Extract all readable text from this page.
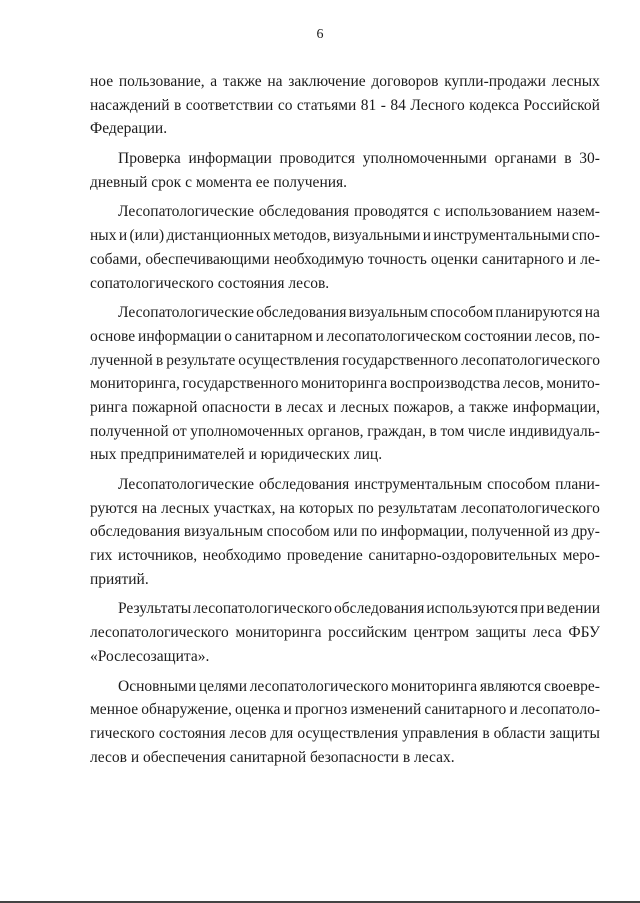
6
ное пользование, а также на заключение договоров купли-продажи лесных
насаждений в соответствии со статьями 81 - 84 Лесного кодекса Российской
Федерации.

Проверка информации проводится уполномоченными органами в 30-
дневный
срок
с
момента
ее
получения.

Лесопатологические обследования проводятся с использованием назем-
ных и (или) дистанционных методов, визуальными и инструментальными спо-
собами, обеспечивающими необходимую точность оценки санитарного и ле-
сопатологического
состояния
лесов.

Лесопатологические обследования визуальным способом планируются на
основе информации о санитарном и лесопатологическом состоянии лесов, по-
лученной в результате осуществления государственного лесопатологического
мониторинга, государственного мониторинга воспроизводства лесов, монито-
ринга пожарной опасности в лесах и лесных пожаров, а также информации,
полученной от уполномоченных органов, граждан, в том числе индивидуаль-
ных
предпринимателей
и
юридических
лиц.

Лесопатологические обследования инструментальным способом плани-
руются на лесных участках, на которых по результатам лесопатологического
обследования визуальным способом или по информации, полученной из дру-
гих источников, необходимо проведение санитарно-оздоровительных меро-
приятий.

Результаты лесопатологического обследования используются при ведении
лесопатологического мониторинга российским центром защиты леса ФБУ
«Рослесозащита».

Основными целями лесопатологического мониторинга являются своевре-
менное обнаружение, оценка и прогноз изменений санитарного и лесопатоло-
гического состояния лесов для осуществления управления в области защиты
лесов
и
обеспечения
санитарной
безопасности
в
лесах.
